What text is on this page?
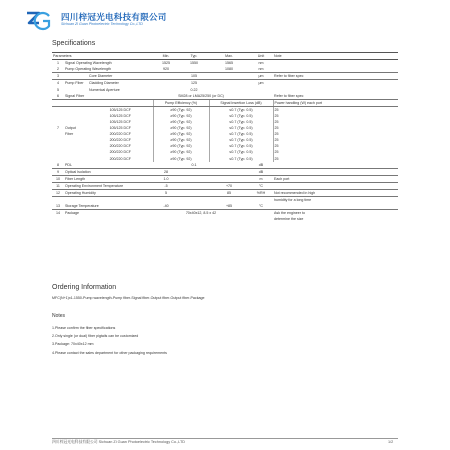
四川梓冠光电科技有限公司
Sichuan Zi Guan Photoelectric Technology Co.,LTD
Specifications
Parameters			Min.	Typ.	Max.	Unit	Note
1	Signal Operating Wavelength		1525	1550	1565	nm	
2	Pump Operating Wavelength		920		1080	nm	
3		Core Diameter		105		μm	Refer to fiber spec
4	Pump Fiber	Cladding Diameter		125		μm	
5		Numerical Aperture		0.22			
6	Signal Fiber		SM28 or LMA25/250 (or DC)				Refer to fiber spec
			Pump Efficiency (%)		Signal Insertion Loss (dB)		Power handling (W) each port
		105/125 DCF	≥90 (Typ. 92)		≤0.7 (Typ. 0.5)		25
		105/125 DCF	≥90 (Typ. 92)		≤0.7 (Typ. 0.5)		25
		105/125 DCF	≥90 (Typ. 92)		≤0.7 (Typ. 0.5)		25
7	Output	105/125 DCF	≥90 (Typ. 92)		≤0.7 (Typ. 0.5)		25
	Fiber	200/220 DCF	≥90 (Typ. 92)		≤0.7 (Typ. 0.5)		25
		200/220 DCF	≥90 (Typ. 92)		≤0.7 (Typ. 0.5)		25
		200/220 DCF	≥90 (Typ. 92)		≤0.7 (Typ. 0.5)		25
		200/220 DCF	≥90 (Typ. 92)		≤0.7 (Typ. 0.5)		25
		200/220 DCF	≥90 (Typ. 92)		≤0.7 (Typ. 0.5)		25
8	PDL			0.1		dB	
9	Optical Isolation		28			dB	
10	Fiber Length		1.0			m	Each port
11	Operating Environment Temperature		-5		+70	°C	
12	Operating Humidity		5		85	%RH	Not recommended in high
							humidity for a long time
13	Storage Temperature		-40		+85	°C	
14	Package		70x40x12, 8.5 x 42				Ask the engineer to
							determine the size
Ordering Information
MFC(N+1)x1-1550-Pump wavelength-Pump fiber-Signal fiber-Output fiber-Output fiber-Package
Notes
1.Please confirm the fiber specifications
2.Only single (or dual) fiber pigtails can be customized
3.Package: 70x40x12 mm
4.Please contact the sales department for other packaging requirements
四川梓冠光电科技有限公司 Sichuan Zi Guan Photoelectric Technology Co.,LTD	1/2
